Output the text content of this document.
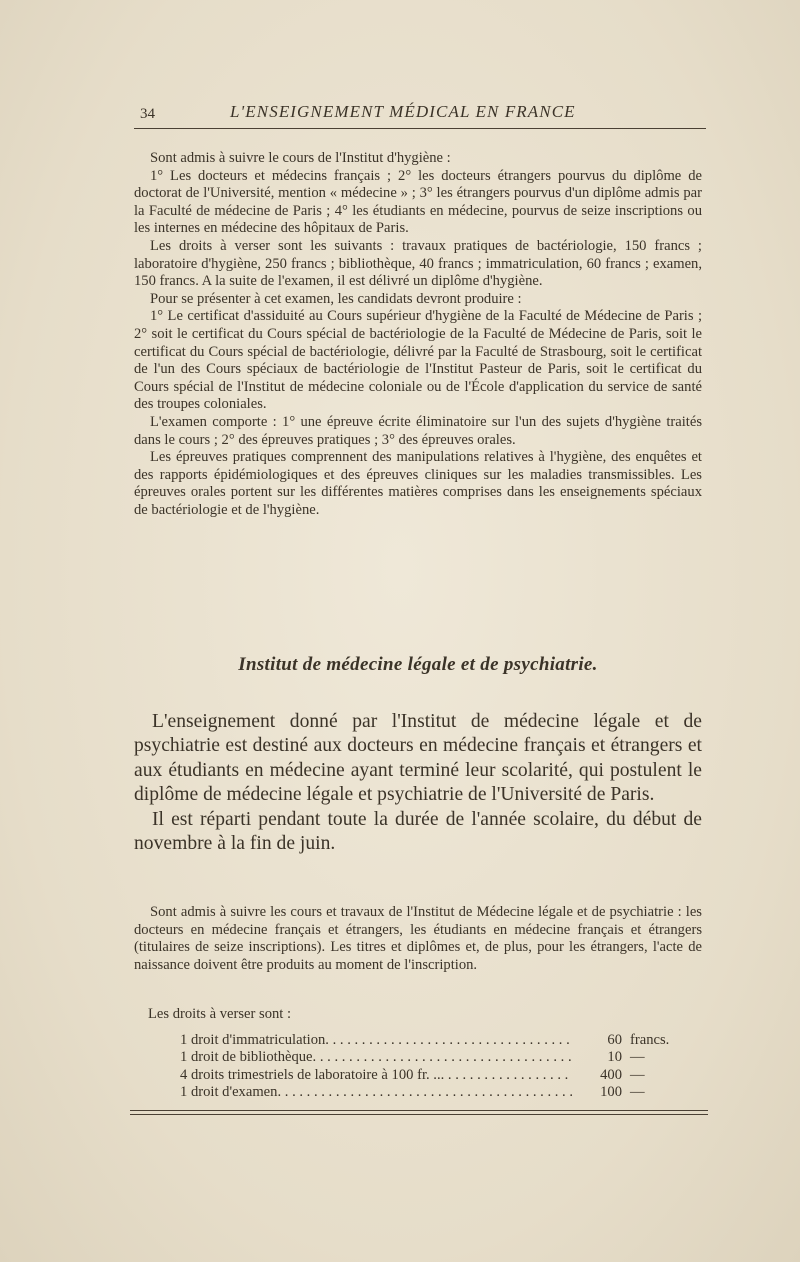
34	L'ENSEIGNEMENT MÉDICAL EN FRANCE

Sont admis à suivre le cours de l'Institut d'hygiène :

1° Les docteurs et médecins français ; 2° les docteurs étrangers pourvus du diplôme de doctorat de l'Université, mention « médecine » ; 3° les étrangers pourvus d'un diplôme admis par la Faculté de médecine de Paris ; 4° les étudiants en médecine, pourvus de seize inscriptions ou les internes en médecine des hôpitaux de Paris.

Les droits à verser sont les suivants : travaux pratiques de bactériologie, 150 francs ; laboratoire d'hygiène, 250 francs ; bibliothèque, 40 francs ; immatriculation, 60 francs ; examen, 150 francs. A la suite de l'examen, il est délivré un diplôme d'hygiène.

Pour se présenter à cet examen, les candidats devront produire :

1° Le certificat d'assiduité au Cours supérieur d'hygiène de la Faculté de Médecine de Paris ; 2° soit le certificat du Cours spécial de bactériologie de la Faculté de Médecine de Paris, soit le certificat du Cours spécial de bactériologie, délivré par la Faculté de Strasbourg, soit le certificat de l'un des Cours spéciaux de bactériologie de l'Institut Pasteur de Paris, soit le certificat du Cours spécial de l'Institut de médecine coloniale ou de l'École d'application du service de santé des troupes coloniales.

L'examen comporte : 1° une épreuve écrite éliminatoire sur l'un des sujets d'hygiène traités dans le cours ; 2° des épreuves pratiques ; 3° des épreuves orales.

Les épreuves pratiques comprennent des manipulations relatives à l'hygiène, des enquêtes et des rapports épidémiologiques et des épreuves cliniques sur les maladies transmissibles. Les épreuves orales portent sur les différentes matières comprises dans les enseignements spéciaux de bactériologie et de l'hygiène.

Institut de médecine légale et de psychiatrie.

L'enseignement donné par l'Institut de médecine légale et de psychiatrie est destiné aux docteurs en médecine français et étrangers et aux étudiants en médecine ayant terminé leur scolarité, qui postulent le diplôme de médecine légale et psychiatrie de l'Université de Paris.

Il est réparti pendant toute la durée de l'année scolaire, du début de novembre à la fin de juin.

Sont admis à suivre les cours et travaux de l'Institut de Médecine légale et de psychiatrie : les docteurs en médecine français et étrangers, les étudiants en médecine français et étrangers (titulaires de seize inscriptions). Les titres et diplômes et, de plus, pour les étrangers, l'acte de naissance doivent être produits au moment de l'inscription.

Les droits à verser sont :
1 droit d'immatriculation . . .	60 francs.
1 droit de bibliothèque . . .	10 —
4 droits trimestriels de laboratoire à 100 fr. .. . . .	400 —
1 droit d'examen . . .	100 —
